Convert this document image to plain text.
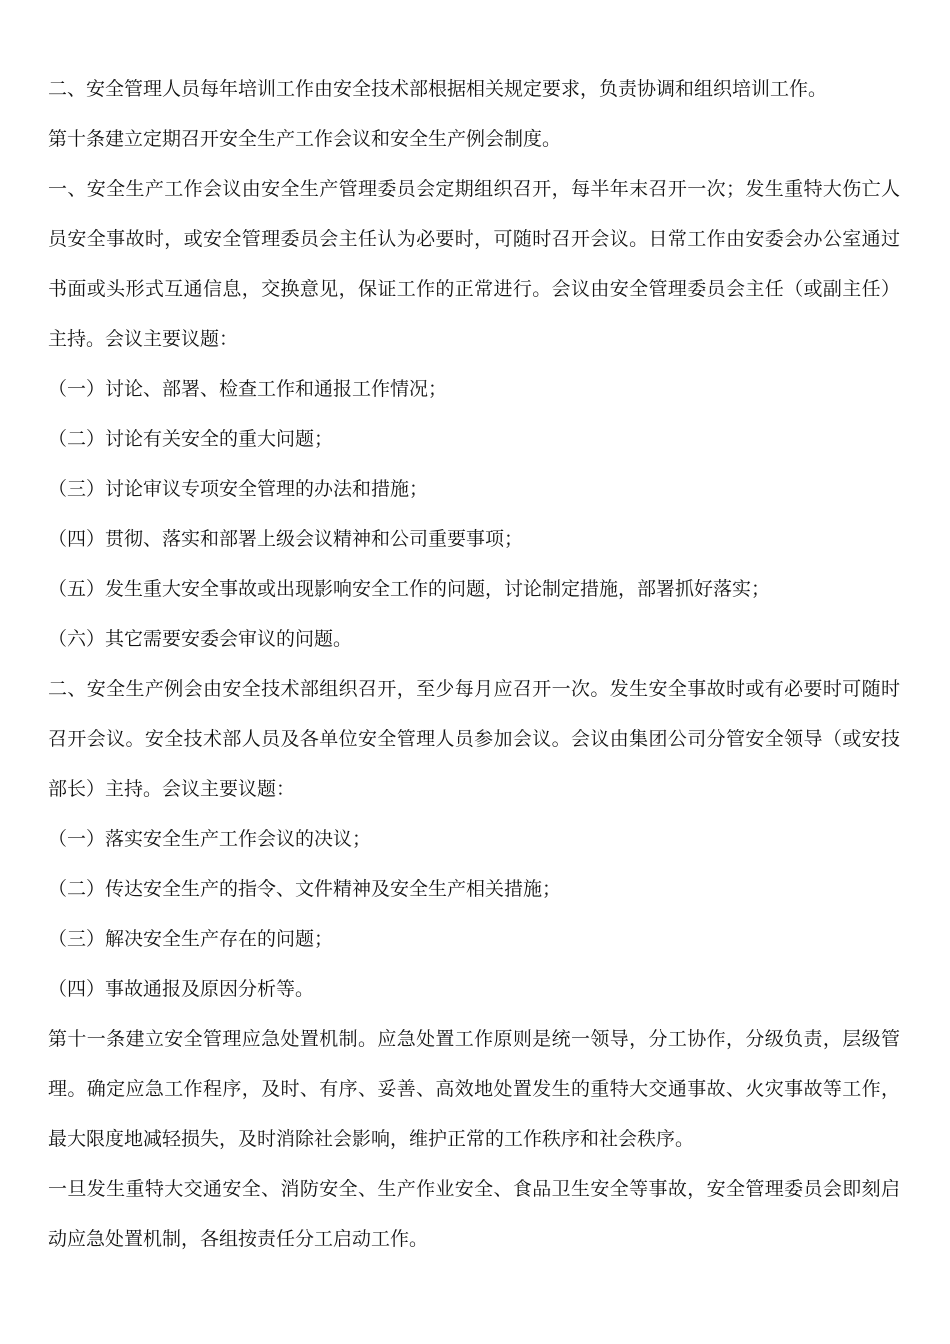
二、安全管理人员每年培训工作由安全技术部根据相关规定要求，负责协调和组织培训工作。

第十条建立定期召开安全生产工作会议和安全生产例会制度。

一、安全生产工作会议由安全生产管理委员会定期组织召开，每半年末召开一次；发生重特大伤亡人员安全事故时，或安全管理委员会主任认为必要时，可随时召开会议。日常工作由安委会办公室通过书面或头形式互通信息，交换意见，保证工作的正常进行。会议由安全管理委员会主任（或副主任）主持。会议主要议题：

（一）讨论、部署、检查工作和通报工作情况；

（二）讨论有关安全的重大问题；

（三）讨论审议专项安全管理的办法和措施；

（四）贯彻、落实和部署上级会议精神和公司重要事项；

（五）发生重大安全事故或出现影响安全工作的问题，讨论制定措施，部署抓好落实；

（六）其它需要安委会审议的问题。

二、安全生产例会由安全技术部组织召开，至少每月应召开一次。发生安全事故时或有必要时可随时召开会议。安全技术部人员及各单位安全管理人员参加会议。会议由集团公司分管安全领导（或安技部长）主持。会议主要议题：

（一）落实安全生产工作会议的决议；

（二）传达安全生产的指令、文件精神及安全生产相关措施；

（三）解决安全生产存在的问题；

（四）事故通报及原因分析等。

第十一条建立安全管理应急处置机制。应急处置工作原则是统一领导，分工协作，分级负责，层级管理。确定应急工作程序，及时、有序、妥善、高效地处置发生的重特大交通事故、火灾事故等工作，最大限度地减轻损失，及时消除社会影响，维护正常的工作秩序和社会秩序。

一旦发生重特大交通安全、消防安全、生产作业安全、食品卫生安全等事故，安全管理委员会即刻启动应急处置机制，各组按责任分工启动工作。
